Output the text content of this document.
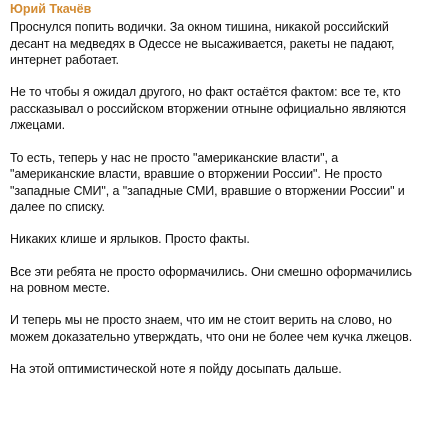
Юрий Ткачёв

Проснулся попить водички. За окном тишина, никакой российский десант на медведях в Одессе не высаживается, ракеты не падают, интернет работает.

Не то чтобы я ожидал другого, но факт остаётся фактом: все те, кто рассказывал о российском вторжении отныне официально являются лжецами.

То есть, теперь у нас не просто "американские власти", а "американские власти, вравшие о вторжении России". Не просто "западные СМИ", а "западные СМИ, вравшие о вторжении России" и далее по списку.

Никаких клише и ярлыков. Просто факты.

Все эти ребята не просто оформачились. Они смешно оформачились на ровном месте.

И теперь мы не просто знаем, что им не стоит верить на слово, но можем доказательно утверждать, что они не более чем кучка лжецов.

На этой оптимистической ноте я пойду досыпать дальше.
